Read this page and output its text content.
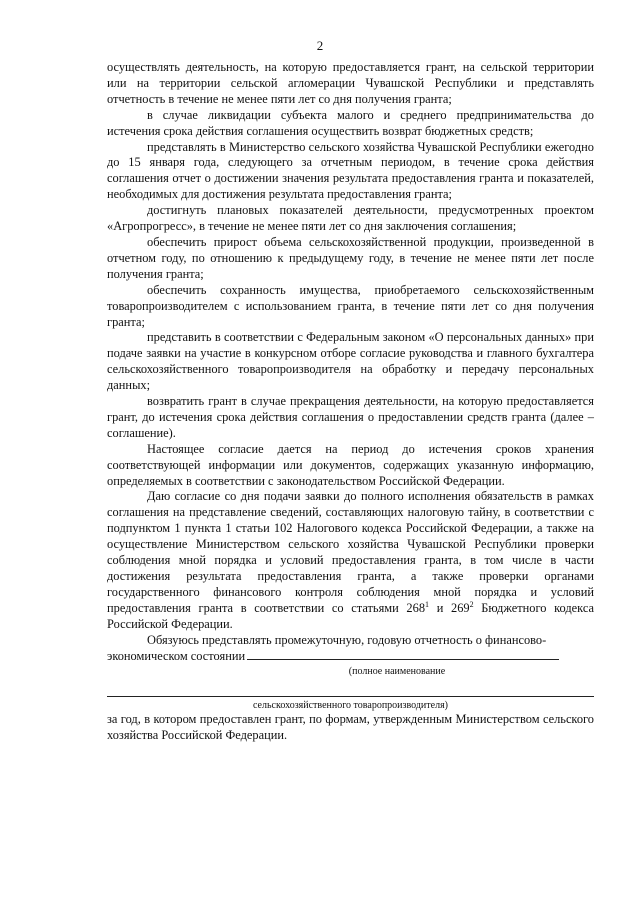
2

осуществлять деятельность, на которую предоставляется грант, на сельской территории или на территории сельской агломерации Чувашской Республики и представлять отчетность в течение не менее пяти лет со дня получения гранта;

в случае ликвидации субъекта малого и среднего предпринимательства до истечения срока действия соглашения осуществить возврат бюджетных средств;

представлять в Министерство сельского хозяйства Чувашской Республики ежегодно до 15 января года, следующего за отчетным периодом, в течение срока действия соглашения отчет о достижении значения результата предоставления гранта и показателей, необходимых для достижения результата предоставления гранта;

достигнуть плановых показателей деятельности, предусмотренных проектом «Агропрогресс», в течение не менее пяти лет со дня заключения соглашения;

обеспечить прирост объема сельскохозяйственной продукции, произведенной в отчетном году, по отношению к предыдущему году, в течение не менее пяти лет после получения гранта;

обеспечить сохранность имущества, приобретаемого сельскохозяйственным товаропроизводителем с использованием гранта, в течение пяти лет со дня получения гранта;

представить в соответствии с Федеральным законом «О персональных данных» при подаче заявки на участие в конкурсном отборе согласие руководства и главного бухгалтера сельскохозяйственного товаропроизводителя на обработку и передачу персональных данных;

возвратить грант в случае прекращения деятельности, на которую предоставляется грант, до истечения срока действия соглашения о предоставлении средств гранта (далее – соглашение).

Настоящее согласие дается на период до истечения сроков хранения соответствующей информации или документов, содержащих указанную информацию, определяемых в соответствии с законодательством Российской Федерации.

Даю согласие со дня подачи заявки до полного исполнения обязательств в рамках соглашения на представление сведений, составляющих налоговую тайну, в соответствии с подпунктом 1 пункта 1 статьи 102 Налогового кодекса Российской Федерации, а также на осуществление Министерством сельского хозяйства Чувашской Республики проверки соблюдения мной порядка и условий предоставления гранта, в том числе в части достижения результата предоставления гранта, а также проверки органами государственного финансового контроля соблюдения мной порядка и условий предоставления гранта в соответствии со статьями $268^1$ и $269^2$ Бюджетного кодекса Российской Федерации.

Обязуюсь представлять промежуточную, годовую отчетность о финансово-экономическом состоянии

(полное наименование
сельскохозяйственного товаропроизводителя)

за год, в котором предоставлен грант, по формам, утвержденным Министерством сельского хозяйства Российской Федерации.
